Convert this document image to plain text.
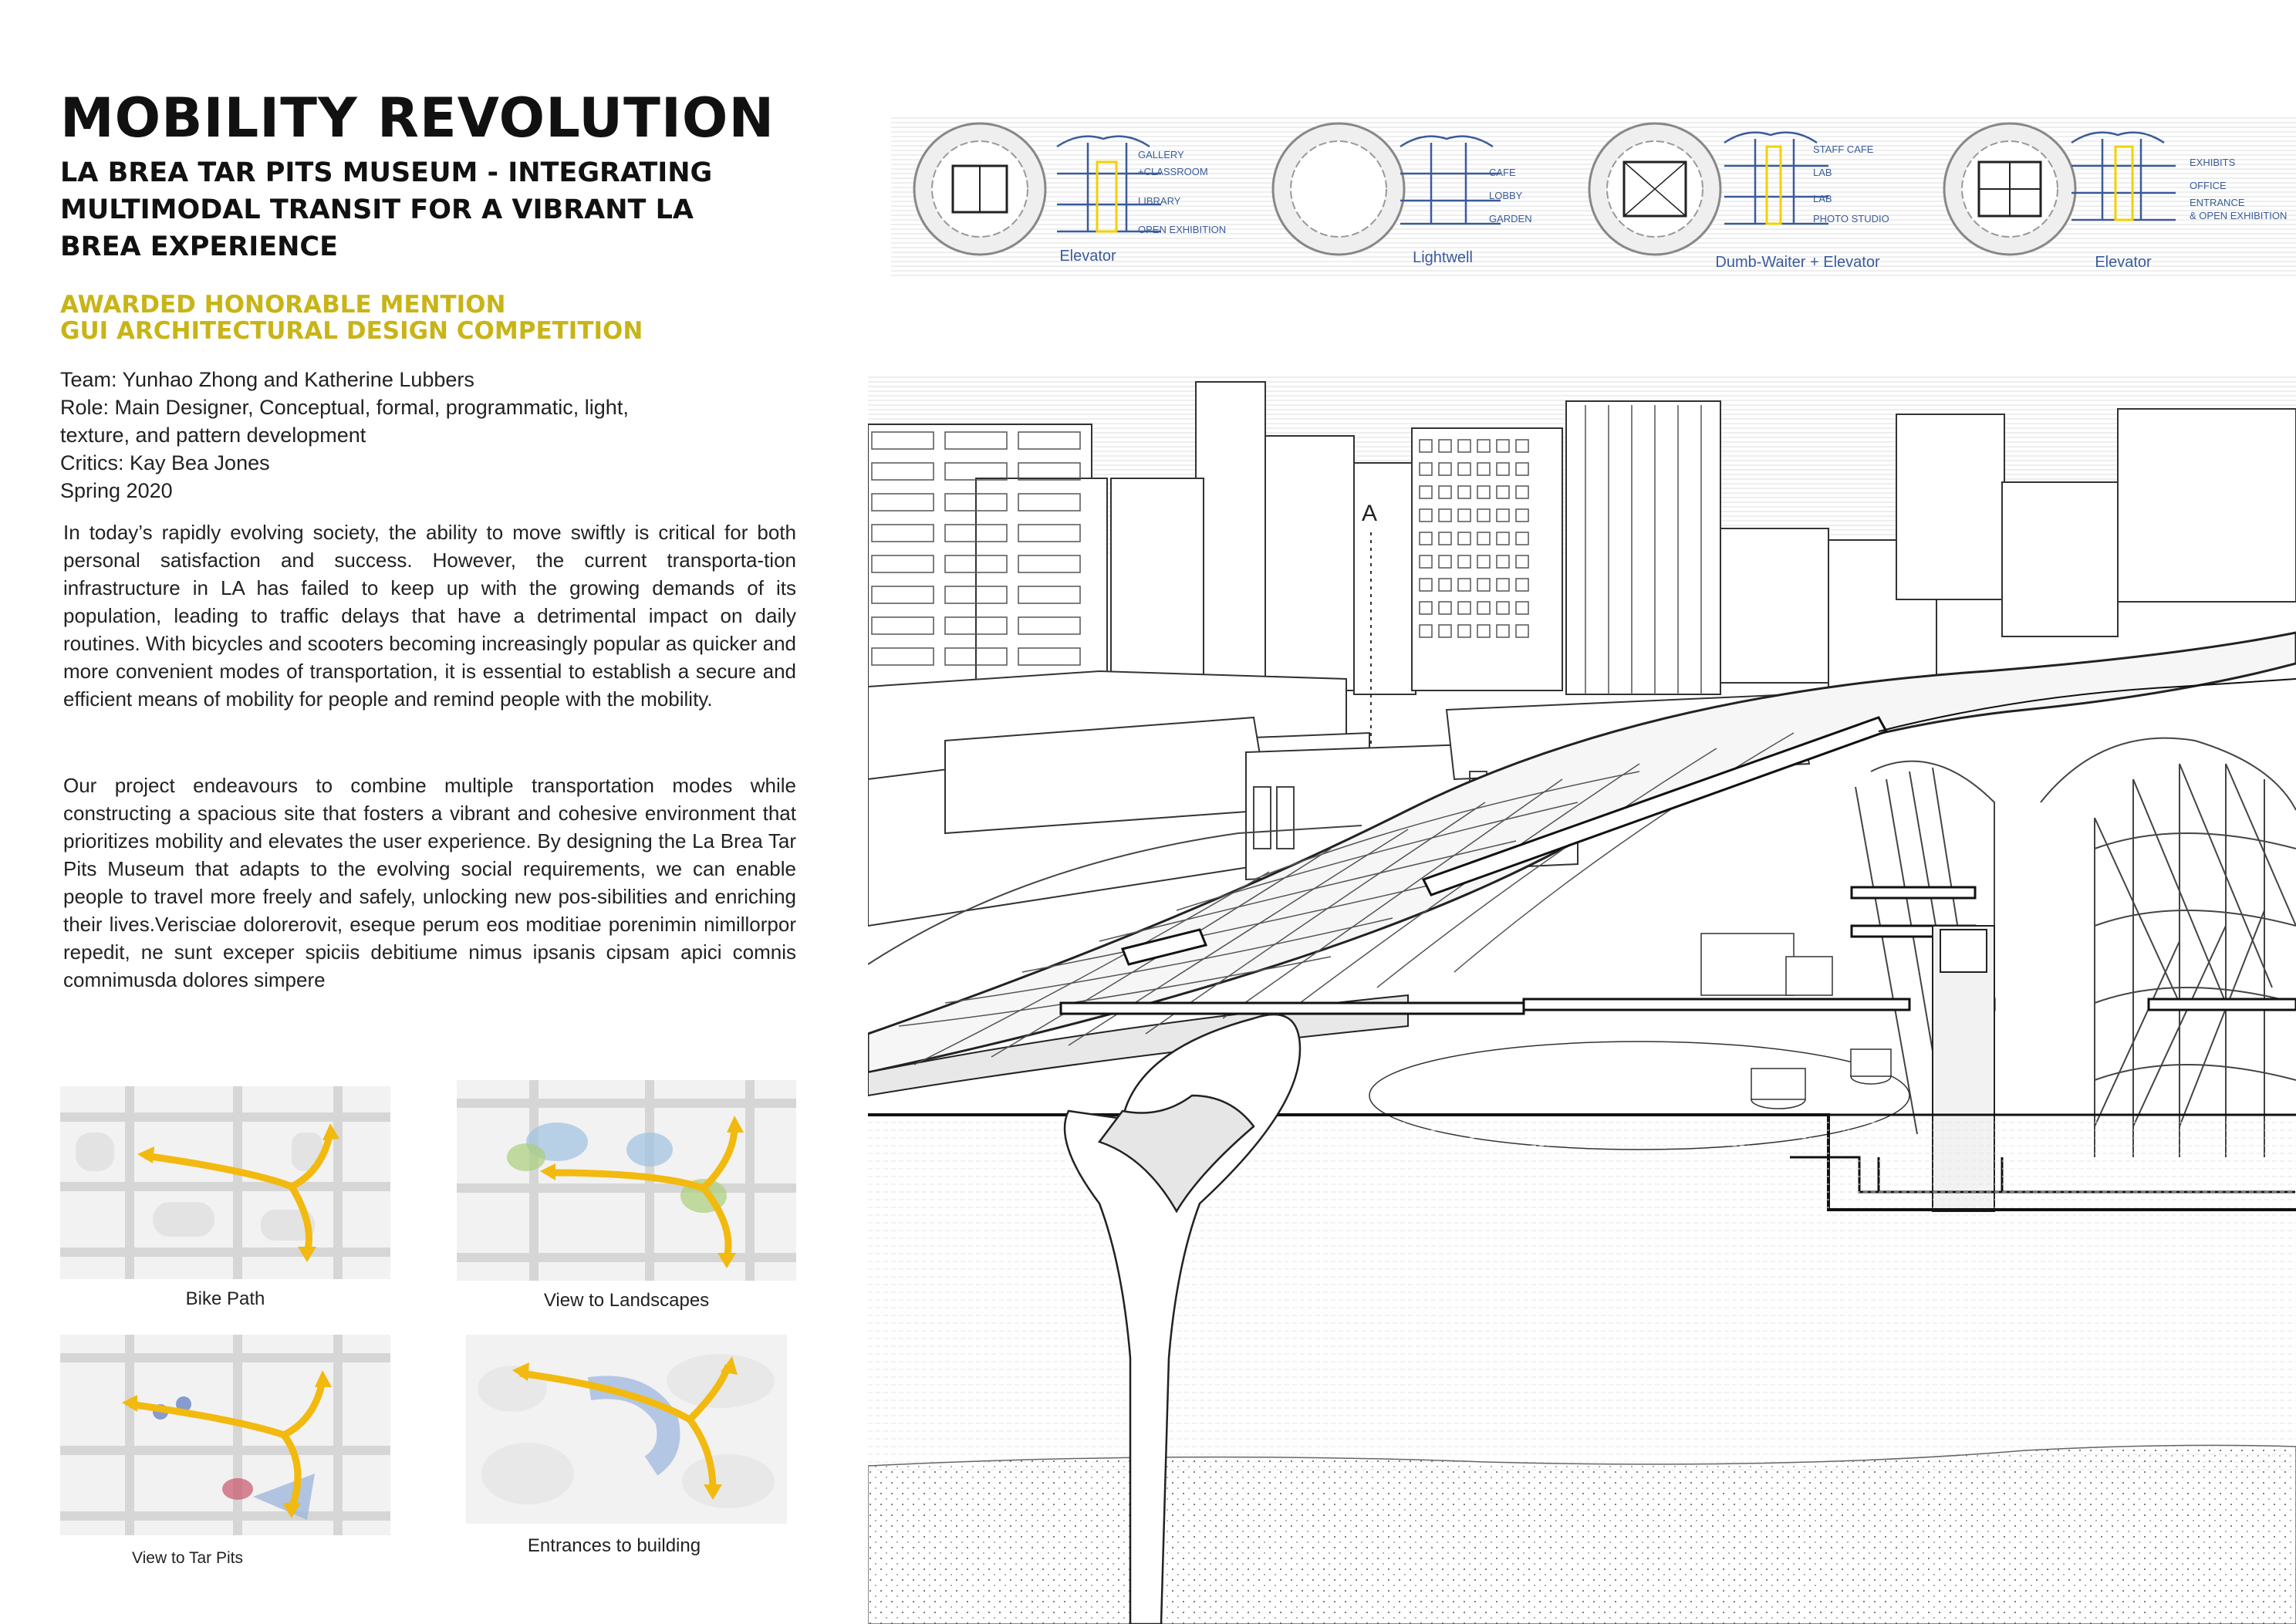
MOBILITY REVOLUTION
LA BREA TAR PITS MUSEUM - INTEGRATING
MULTIMODAL TRANSIT FOR A VIBRANT LA
BREA EXPERIENCE
AWARDED HONORABLE MENTION
GUI ARCHITECTURAL DESIGN COMPETITION
Team: Yunhao Zhong and Katherine Lubbers
Role: Main Designer, Conceptual, formal, programmatic, light,
texture, and pattern development
Critics: Kay Bea Jones
Spring 2020
In today’s rapidly evolving society, the ability to move swiftly is critical for both personal satisfaction and success. However, the current transporta-tion infrastructure in LA has failed to keep up with the growing demands of its population, leading to traffic delays that have a detrimental impact on daily routines. With bicycles and scooters becoming increasingly popular as quicker and more convenient modes of transportation, it is essential to establish a secure and efficient means of mobility for people and remind people with the mobility.
Our project endeavours to combine multiple transportation modes while constructing a spacious site that fosters a vibrant and cohesive environment that prioritizes mobility and elevates the user experience. By designing the La Brea Tar Pits Museum that adapts to the evolving social requirements, we can enable people to travel more freely and safely, unlocking new pos-sibilities and enriching their lives.Verisciae dolorerovit, eseque perum eos moditiae porenimin nimillorpor repedit, ne sunt exceper spiciis debitiume nimus ipsanis cipsam apici comnis comnimusda dolores simpere
Bike Path	View to Landscapes
View to Tar Pits
Entrances to building
GALLERY
+CLASSROOM
LIBRARY
OPEN EXHIBITION
CAFE
LOBBY
GARDEN
STAFF CAFE
LAB
LAB
PHOTO STUDIO
EXHIBITS
OFFICE
ENTRANCE
& OPEN EXHIBITION
Elevator	Lightwell	Dumb-Waiter + Elevator	Elevator
A
